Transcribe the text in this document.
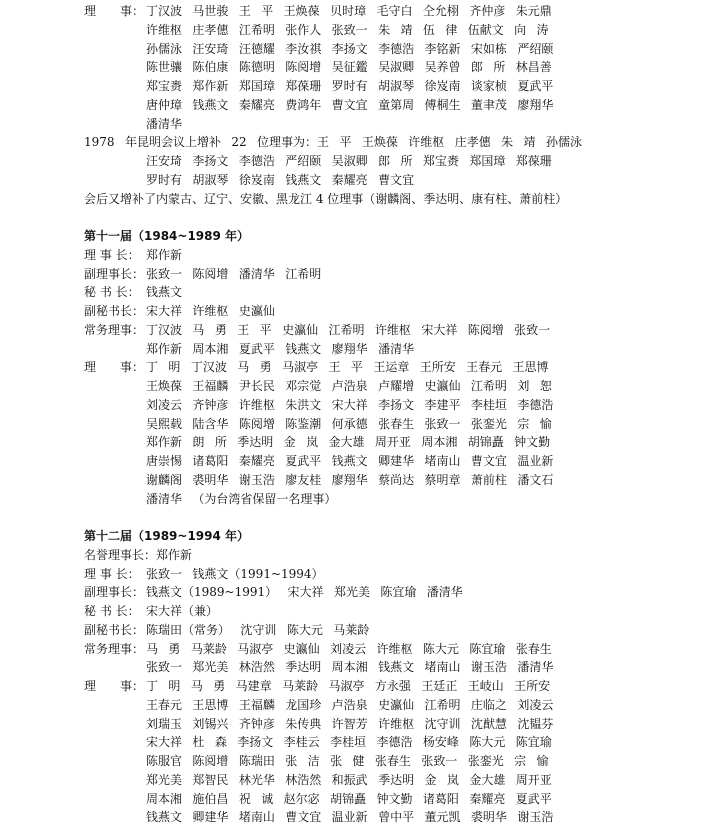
理　　事： 丁汉波 马世骏 王 平 王焕葆 贝时璋 毛守白 仝允栩 齐仲彦 朱元鼎
许维枢 庄孝僡 江希明 张作人 张致一 朱 靖 伍 律 伍献文 向 涛
孙儒泳 汪安琦 汪德耀 李汝祺 李扬文 李德浩 李铭新 宋如栋 严绍颐
陈世骧 陈伯康 陈德明 陈阅增 吴征鑑 吴淑卿 吴养曾 郎 所 林昌善
郑宝赉 郑作新 郑国璋 郑葆珊 罗时有 胡淑琴 徐岌南 谈家桢 夏武平
唐仲璋 钱燕文 秦耀亮 费鸿年 曹文宜 童第周 傅桐生 董聿茂 廖翔华
潘清华
1978 年昆明会议上增补 22 位理事为：王 平 王焕葆 许维枢 庄孝僡 朱 靖 孙儒泳
汪安琦 李扬文 李德浩 严绍颐 吴淑卿 郎 所 郑宝赉 郑国璋 郑葆珊
罗时有 胡淑琴 徐岌南 钱燕文 秦耀亮 曹文宜
会后又增补了内蒙古、辽宁、安徽、黑龙江 4 位理事（谢麟阁、季达明、康有柱、萧前柱）
第十一届（1984~1989 年）
理 事 长： 郑作新
副理事长： 张致一 陈阅增 潘清华 江希明
秘 书 长： 钱燕文
副秘书长： 宋大祥 许维枢 史瀛仙
常务理事： 丁汉波 马 勇 王 平 史瀛仙 江希明 许维枢 宋大祥 陈阅增 张致一
郑作新 周本湘 夏武平 钱燕文 廖翔华 潘清华
理　　事： 丁 明 丁汉波 马 勇 马淑亭 王 平 王运章 王所安 王春元 王思博
王焕葆 王福麟 尹长民 邓宗觉 卢浩泉 卢耀增 史瀛仙 江希明 刘 恕
刘凌云 齐钟彦 许维枢 朱洪文 宋大祥 李扬文 李建平 李桂垣 李德浩
吴熙载 陆含华 陈阅增 陈鉴潮 何承德 张春生 张致一 张銮光 宗 愉
郑作新 朗 所 季达明 金 岚 金大雄 周开亚 周本湘 胡锦矗 钟文勤
唐崇惕 诸葛阳 秦耀亮 夏武平 钱燕文 卿建华 堵南山 曹文宜 温业新
谢麟阁 裘明华 谢玉浩 廖友桂 廖翔华 蔡尚达 蔡明章 萧前柱 潘文石
潘清华 （为台湾省保留一名理事）
第十二届（1989~1994 年）
名誉理事长：郑作新
理 事 长： 张致一 钱燕文（1991~1994）
副理事长： 钱燕文（1989~1991） 宋大祥 郑光美 陈宜瑜 潘清华
秘 书 长： 宋大祥（兼）
副秘书长： 陈瑞田（常务） 沈守训 陈大元 马莱龄
常务理事： 马 勇 马莱龄 马淑亭 史瀛仙 刘凌云 许维枢 陈大元 陈宜瑜 张春生
张致一 郑光美 林浩然 季达明 周本湘 钱燕文 堵南山 谢玉浩 潘清华
理　　事： 丁 明 马 勇 马建章 马莱龄 马淑亭 方永强 王廷正 王岐山 王所安
王春元 王思博 王福麟 龙国珍 卢浩泉 史瀛仙 江希明 庄临之 刘凌云
刘瑞玉 刘锡兴 齐钟彦 朱传典 许智芳 许维枢 沈守训 沈猷慧 沈韫芬
宋大祥 杜 森 李扬文 李桂云 李桂垣 李德浩 杨安峰 陈大元 陈宜瑜
陈服官 陈阅增 陈瑞田 张 洁 张 健 张春生 张致一 张銮光 宗 愉
郑光美 郑智民 林光华 林浩然 和振武 季达明 金 岚 金大雄 周开亚
周本湘 施伯昌 祝 诚 赵尔宓 胡锦矗 钟文勤 诸葛阳 秦耀亮 夏武平
钱燕文 卿建华 堵南山 曹文宜 温业新 曾中平 董元凯 裘明华 谢玉浩
